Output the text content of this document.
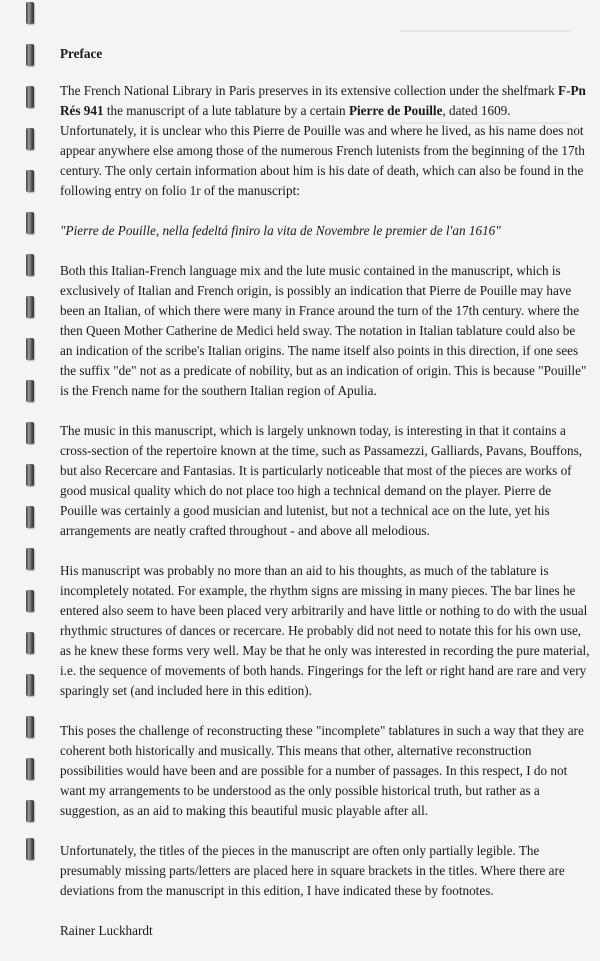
Preface

The French National Library in Paris preserves in its extensive collection under the shelfmark F-Pn Rés 941 the manuscript of a lute tablature by a certain Pierre de Pouille, dated 1609. Unfortunately, it is unclear who this Pierre de Pouille was and where he lived, as his name does not appear anywhere else among those of the numerous French lutenists from the beginning of the 17th century. The only certain information about him is his date of death, which can also be found in the following entry on folio 1r of the manuscript:

"Pierre de Pouille, nella fedeltá finiro la vita de Novembre le premier de l'an 1616"

Both this Italian-French language mix and the lute music contained in the manuscript, which is exclusively of Italian and French origin, is possibly an indication that Pierre de Pouille may have been an Italian, of which there were many in France around the turn of the 17th century. where the then Queen Mother Catherine de Medici held sway. The notation in Italian tablature could also be an indication of the scribe's Italian origins. The name itself also points in this direction, if one sees the suffix "de" not as a predicate of nobility, but as an indication of origin. This is because "Pouille" is the French name for the southern Italian region of Apulia.

The music in this manuscript, which is largely unknown today, is interesting in that it contains a cross-section of the repertoire known at the time, such as Passamezzi, Galliards, Pavans, Bouffons, but also Recercare and Fantasias. It is particularly noticeable that most of the pieces are works of good musical quality which do not place too high a technical demand on the player. Pierre de Pouille was certainly a good musician and lutenist, but not a technical ace on the lute, yet his arrangements are neatly crafted throughout - and above all melodious.

His manuscript was probably no more than an aid to his thoughts, as much of the tablature is incompletely notated. For example, the rhythm signs are missing in many pieces. The bar lines he entered also seem to have been placed very arbitrarily and have little or nothing to do with the usual rhythmic structures of dances or recercare. He probably did not need to notate this for his own use, as he knew these forms very well. May be that he only was interested in recording the pure material, i.e. the sequence of movements of both hands. Fingerings for the left or right hand are rare and very sparingly set (and included here in this edition).

This poses the challenge of reconstructing these "incomplete" tablatures in such a way that they are coherent both historically and musically. This means that other, alternative reconstruction possibilities would have been and are possible for a number of passages. In this respect, I do not want my arrangements to be understood as the only possible historical truth, but rather as a suggestion, as an aid to making this beautiful music playable after all.

Unfortunately, the titles of the pieces in the manuscript are often only partially legible. The presumably missing parts/letters are placed here in square brackets in the titles. Where there are deviations from the manuscript in this edition, I have indicated these by footnotes.

Rainer Luckhardt
